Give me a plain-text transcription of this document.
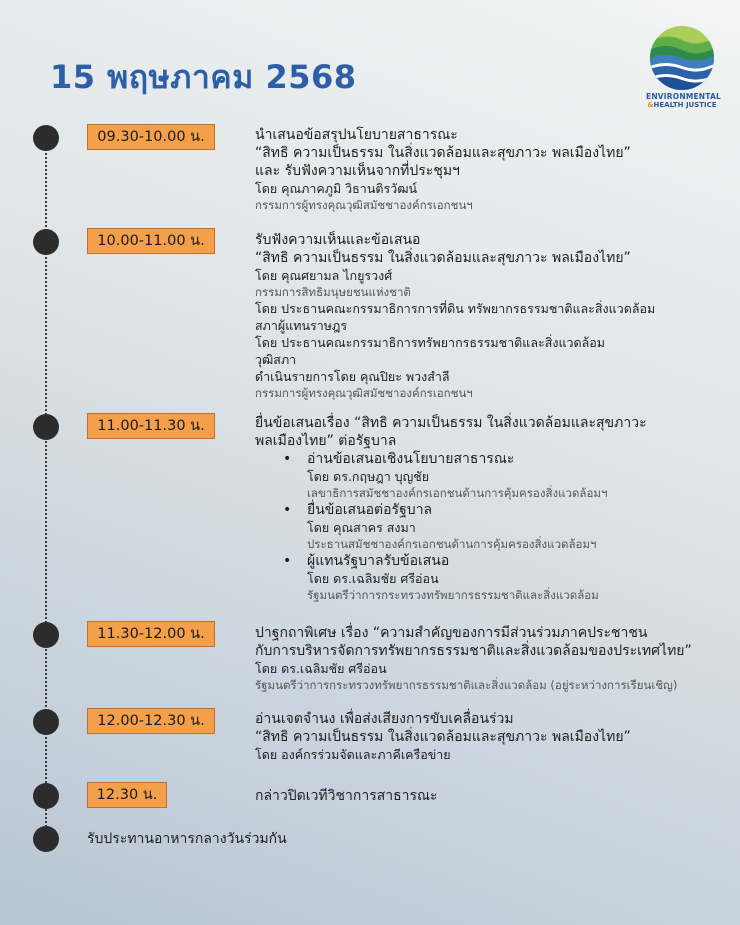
15 พฤษภาคม 2568
ENVIRONMENTAL
&HEALTH JUSTICE
09.30-10.00 น.	นำเสนอข้อสรุปนโยบายสาธารณะ
“สิทธิ ความเป็นธรรม ในสิ่งแวดล้อมและสุขภาวะ พลเมืองไทย”
และ รับฟังความเห็นจากที่ประชุมฯ
โดย คุณภาคภูมิ วิธานติรวัฒน์
กรรมการผู้ทรงคุณวุฒิสมัชชาองค์กรเอกชนฯ
10.00-11.00 น.	รับฟังความเห็นและข้อเสนอ
“สิทธิ ความเป็นธรรม ในสิ่งแวดล้อมและสุขภาวะ พลเมืองไทย”
โดย คุณศยามล ไกยูรวงศ์
กรรมการสิทธิมนุษยชนแห่งชาติ
โดย ประธานคณะกรรมาธิการการที่ดิน ทรัพยากรธรรมชาติและสิ่งแวดล้อม
สภาผู้แทนราษฎร
โดย ประธานคณะกรรมาธิการทรัพยากรธรรมชาติและสิ่งแวดล้อม
วุฒิสภา
ดำเนินรายการโดย คุณปิยะ พวงสำลี
กรรมการผู้ทรงคุณวุฒิสมัชชาองค์กรเอกชนฯ
11.00-11.30 น.	ยื่นข้อเสนอเรื่อง “สิทธิ ความเป็นธรรม ในสิ่งแวดล้อมและสุขภาวะ
พลเมืองไทย” ต่อรัฐบาล
• อ่านข้อเสนอเชิงนโยบายสาธารณะ
โดย ดร.กฤษฎา บุญชัย
เลขาธิการสมัชชาองค์กรเอกชนด้านการคุ้มครองสิ่งแวดล้อมฯ
• ยื่นข้อเสนอต่อรัฐบาล
โดย คุณสาคร สงมา
ประธานสมัชชาองค์กรเอกชนด้านการคุ้มครองสิ่งแวดล้อมฯ
• ผู้แทนรัฐบาลรับข้อเสนอ
โดย ดร.เฉลิมชัย ศรีอ่อน
รัฐมนตรีว่าการกระทรวงทรัพยากรธรรมชาติและสิ่งแวดล้อม
11.30-12.00 น.	ปาฐกถาพิเศษ เรื่อง “ความสำคัญของการมีส่วนร่วมภาคประชาชน
กับการบริหารจัดการทรัพยากรธรรมชาติและสิ่งแวดล้อมของประเทศไทย”
โดย ดร.เฉลิมชัย ศรีอ่อน
รัฐมนตรีว่าการกระทรวงทรัพยากรธรรมชาติและสิ่งแวดล้อม (อยู่ระหว่างการเรียนเชิญ)
12.00-12.30 น.	อ่านเจตจำนง เพื่อส่งเสียงการขับเคลื่อนร่วม
“สิทธิ ความเป็นธรรม ในสิ่งแวดล้อมและสุขภาวะ พลเมืองไทย”
โดย องค์กรร่วมจัดและภาคีเครือข่าย
12.30 น.	กล่าวปิดเวทีวิชาการสาธารณะ
รับประทานอาหารกลางวันร่วมกัน
